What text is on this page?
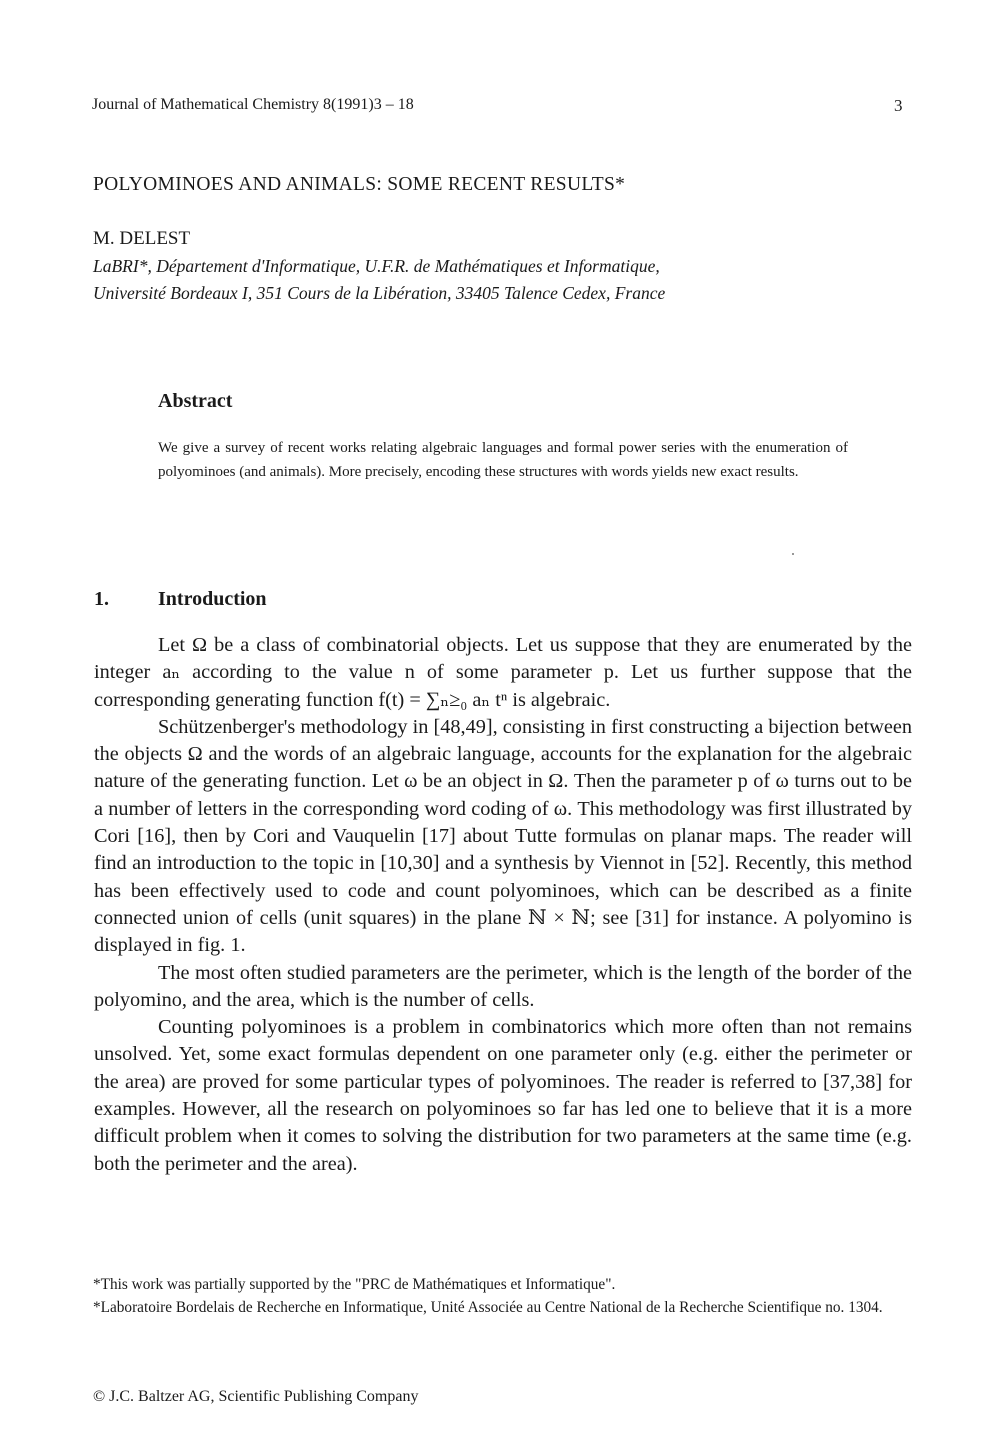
Journal of Mathematical Chemistry 8(1991)3 – 18	3
POLYOMINOES AND ANIMALS: SOME RECENT RESULTS*
M. DELEST
LaBRI*, Département d'Informatique, U.F.R. de Mathématiques et Informatique,
Université Bordeaux I, 351 Cours de la Libération, 33405 Talence Cedex, France
Abstract
We give a survey of recent works relating algebraic languages and formal power series with the enumeration of polyominoes (and animals). More precisely, encoding these structures with words yields new exact results.
1. Introduction

Let Ω be a class of combinatorial objects. Let us suppose that they are enumerated by the integer aₙ according to the value n of some parameter p. Let us further suppose that the corresponding generating function f(t) = ∑ₙ≥₀ aₙ tⁿ is algebraic.

Schützenberger's methodology in [48,49], consisting in first constructing a bijection between the objects Ω and the words of an algebraic language, accounts for the explanation for the algebraic nature of the generating function. Let ω be an object in Ω. Then the parameter p of ω turns out to be a number of letters in the corresponding word coding of ω. This methodology was first illustrated by Cori [16], then by Cori and Vauquelin [17] about Tutte formulas on planar maps. The reader will find an introduction to the topic in [10,30] and a synthesis by Viennot in [52]. Recently, this method has been effectively used to code and count polyominoes, which can be described as a finite connected union of cells (unit squares) in the plane ℕ × ℕ; see [31] for instance. A polyomino is displayed in fig. 1.

The most often studied parameters are the perimeter, which is the length of the border of the polyomino, and the area, which is the number of cells.

Counting polyominoes is a problem in combinatorics which more often than not remains unsolved. Yet, some exact formulas dependent on one parameter only (e.g. either the perimeter or the area) are proved for some particular types of polyominoes. The reader is referred to [37,38] for examples. However, all the research on polyominoes so far has led one to believe that it is a more difficult problem when it comes to solving the distribution for two parameters at the same time (e.g. both the perimeter and the area).

*This work was partially supported by the "PRC de Mathématiques et Informatique".
*Laboratoire Bordelais de Recherche en Informatique, Unité Associée au Centre National de la Recherche Scientifique no. 1304.
© J.C. Baltzer AG, Scientific Publishing Company
